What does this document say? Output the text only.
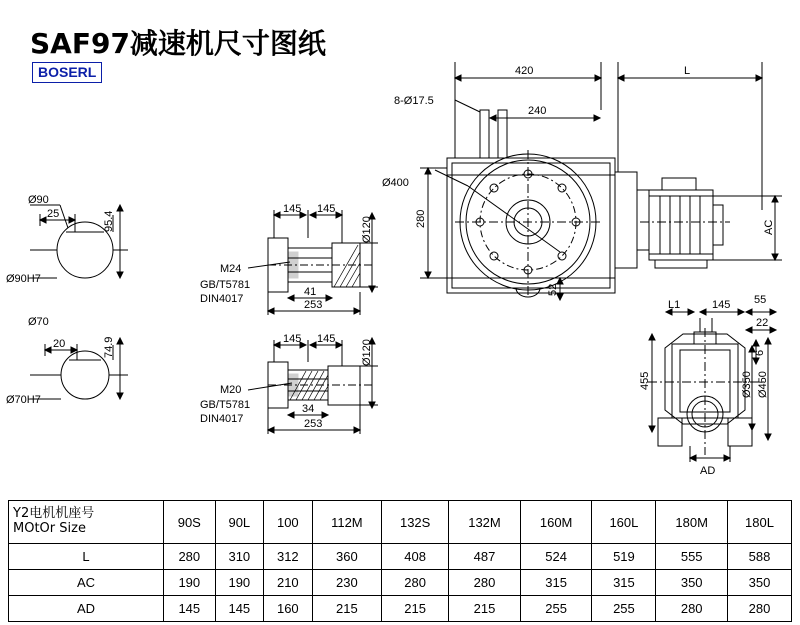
SAF97减速机尺寸图纸
BOSERL
Ø90
25	95.4
Ø90H7
Ø70
20	74.9
Ø70H7
145 145
Ø120
M24
GB/T5781
DIN4017
41
253
145 145
Ø120
M20
GB/T5781
DIN4017
34
253
420	L
8-Ø17.5
240
Ø400
280
52
AC
L1	145 55
22
6
455	Ø350 Ø450
AD
Y2电机机座号
MOtOr Size	90S	90L	100	112M	132S	132M	160M	160L	180M	180L
L	280	310	312	360	408	487	524	519	555	588
AC	190	190	210	230	280	280	315	315	350	350
AD	145	145	160	215	215	215	255	255	280	280
